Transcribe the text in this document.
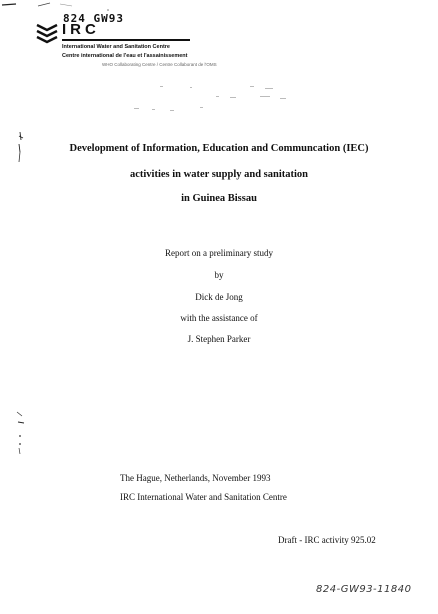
824 GW93
IRC
International Water and Sanitation Centre
Centre international de l'eau et l'assainissement
WHO Collaborating Centre / Centre Collaborant de l'OMS
Development of Information, Education and Communcation (IEC)
activities in water supply and sanitation
in Guinea Bissau
Report on a preliminary study
by
Dick de Jong
with the assistance of
J. Stephen Parker
The Hague, Netherlands, November 1993
IRC International Water and Sanitation Centre
Draft - IRC activity 925.02
824-GW93-11840
